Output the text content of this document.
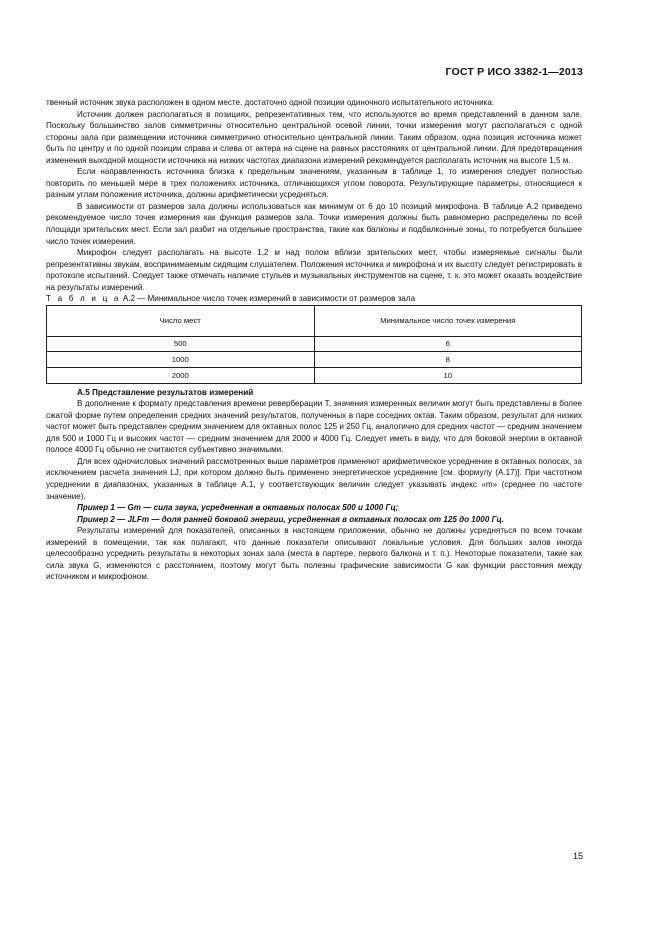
ГОСТ Р ИСО 3382-1—2013

твенный источник звука расположен в одном месте, достаточно одной позиции одиночного испытательного источника.

Источник должен располагаться в позициях, репрезентативных тем, что используются во время представлений в данном зале. Поскольку большинство залов симметричны относительно центральной осевой линии, точки измерения могут располагаться с одной стороны зала при размещении источника симметрично относительно центральной линии. Таким образом, одна позиция источника может быть по центру и по одной позиции справа и слева от актера на сцене на равных расстояниях от центральной линии. Для предотвращения изменения выходной мощности источника на низких частотах диапазона измерений рекомендуется располагать источник на высоте 1,5 м.

Если направленность источника близка к предельным значениям, указанным в таблице 1, то измерения следует полностью повторить по меньшей мере в трех положениях источника, отличающихся углом поворота. Результирующие параметры, относящиеся к разным углам положения источника, должны арифметически усредняться.

В зависимости от размеров зала должны использоваться как минимум от 6 до 10 позиций микрофона. В таблице А.2 приведено рекомендуемое число точек измерения как функция размеров зала. Точки измерения должны быть равномерно распределены по всей площади зрительских мест. Если зал разбит на отдельные пространства, такие как балконы и подбалконные зоны, то потребуется большее число точек измерения.

Микрофон следует располагать на высоте 1,2 м над полом вблизи зрительских мест, чтобы измеряемые сигналы были репрезентативны звукам, воспринимаемым сидящим слушателем. Положения источника и микрофона и их высоту следует регистрировать в протоколе испытаний. Следует также отмечать наличие стульев и музыкальных инструментов на сцене, т. к. это может оказать воздействие на результаты измерений.

Т а б л и ц а А.2 — Минимальное число точек измерений в зависимости от размеров зала

Число мест	Минимальное число точек измерения
500	6
1000	8
2000	10
А.5 Представление результатов измерений

В дополнение к формату представления времени реверберации T, значения измеренных величин могут быть представлены в более сжатой форме путем определения средних значений результатов, полученных в паре соседних октав. Таким образом, результат для низких частот может быть представлен средним значением для октавных полос 125 и 250 Гц, аналогично для средних частот — средним значением для 500 и 1000 Гц и высоких частот — средним значением для 2000 и 4000 Гц. Следует иметь в виду, что для боковой энергии в октавной полосе 4000 Гц обычно не считаются субъективно значимыми.

Для всех одночисловых значений рассмотренных выше параметров применяют арифметическое усреднение в октавных полосах, за исключением расчета значения LJ, при котором должно быть применено энергетическое усреднение [см. формулу (А.17)]. При частотном усреднении в диапазонах, указанных в таблице А.1, у соответствующих величин следует указывать индекс «m» (среднее по частоте значение).

Пример 1 — Gm — сила звука, усредненная в октавных полосах 500 и 1000 Гц;

Пример 2 — JLFm — доля ранней боковой энергии, усредненная в октавных полосах от 125 до 1000 Гц.

Результаты измерений для показателей, описанных в настоящем приложении, обычно не должны усредняться по всем точкам измерений в помещении, так как полагают, что данные показатели описывают локальные условия. Для больших залов иногда целесообразно усреднить результаты в некоторых зонах зала (места в партере, первого балкона и т. п.). Некоторые показатели, такие как сила звука G, изменяются с расстоянием, поэтому могут быть полезны графические зависимости G как функции расстояния между источником и микрофоном.

15
